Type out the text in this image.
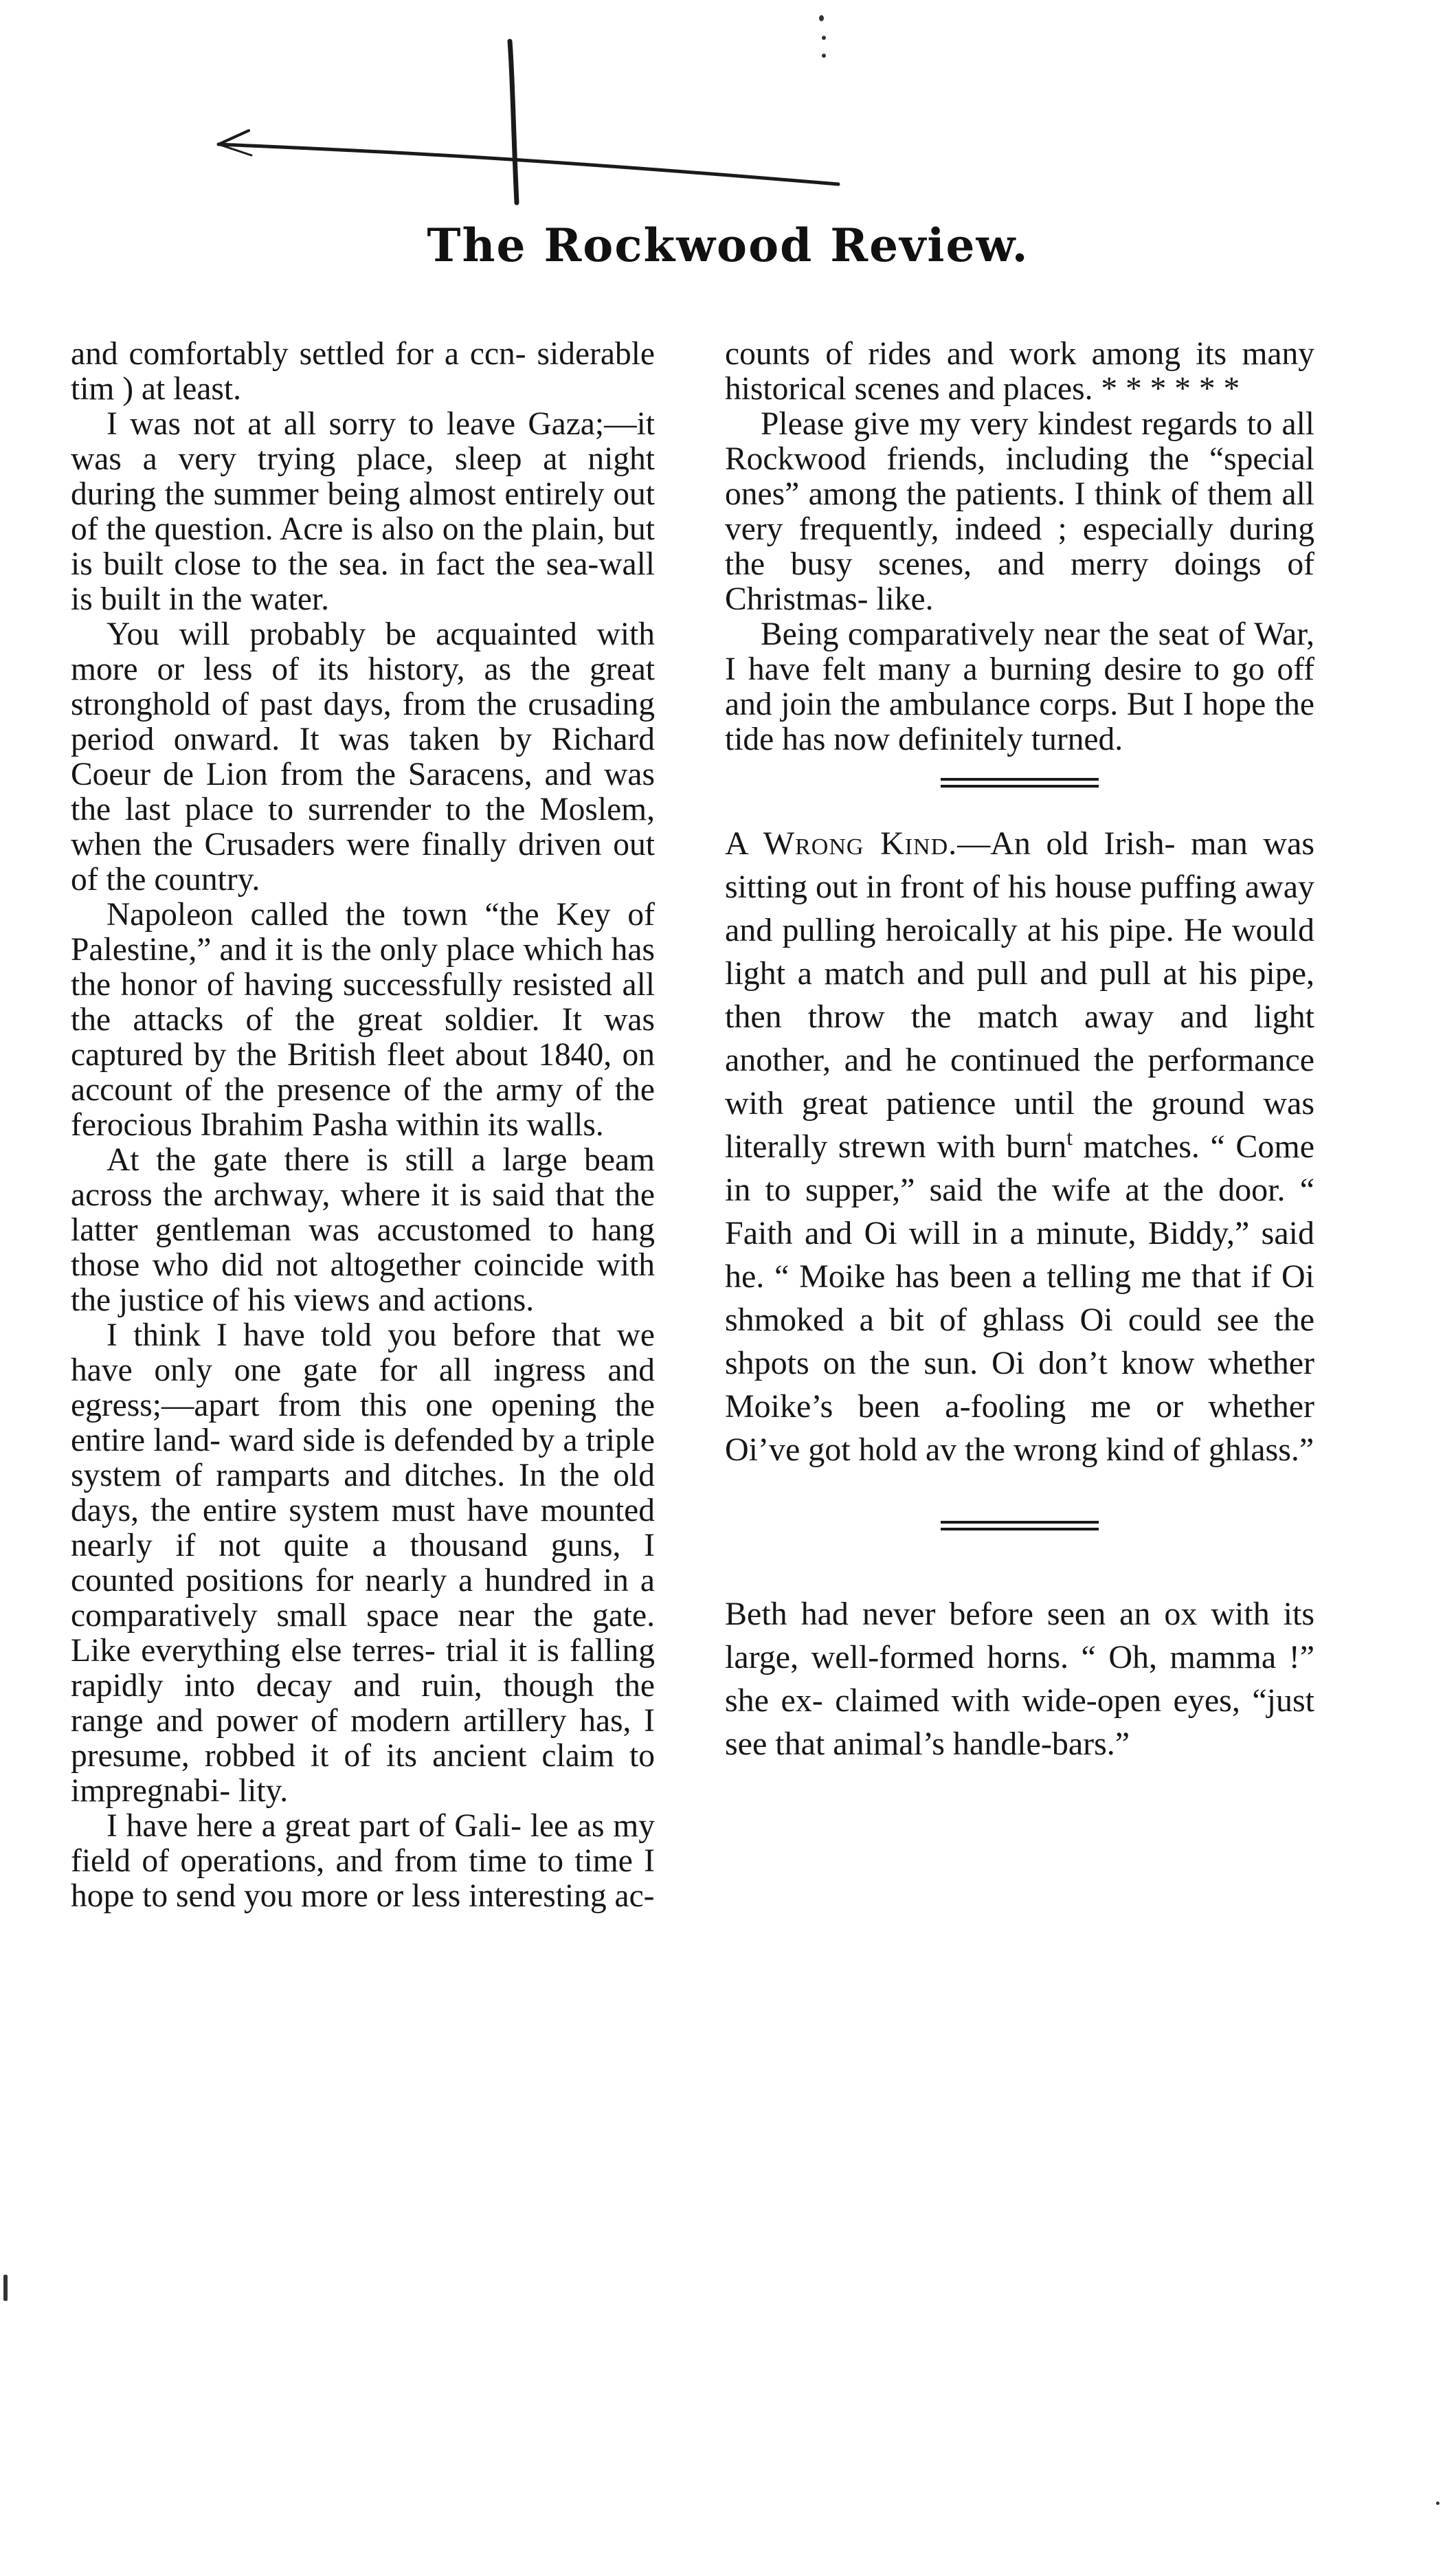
The Rockwood Review.

and comfortably settled for a ccn- siderable tim ) at least.

I was not at all sorry to leave Gaza;—it was a very trying place, sleep at night during the summer being almost entirely out of the question. Acre is also on the plain, but is built close to the sea. in fact the sea-wall is built in the water.

You will probably be acquainted with more or less of its history, as the great stronghold of past days, from the crusading period onward. It was taken by Richard Coeur de Lion from the Saracens, and was the last place to surrender to the Moslem, when the Crusaders were finally driven out of the country.

Napoleon called the town “the Key of Palestine,” and it is the only place which has the honor of having successfully resisted all the attacks of the great soldier. It was captured by the British fleet about 1840, on account of the presence of the army of the ferocious Ibrahim Pasha within its walls.

At the gate there is still a large beam across the archway, where it is said that the latter gentleman was accustomed to hang those who did not altogether coincide with the justice of his views and actions.

I think I have told you before that we have only one gate for all ingress and egress;—apart from this one opening the entire land- ward side is defended by a triple system of ramparts and ditches. In the old days, the entire system must have mounted nearly if not quite a thousand guns, I counted positions for nearly a hundred in a comparatively small space near the gate. Like everything else terres- trial it is falling rapidly into decay and ruin, though the range and power of modern artillery has, I presume, robbed it of its ancient claim to impregnabi- lity.

I have here a great part of Gali- lee as my field of operations, and from time to time I hope to send you more or less interesting ac-

counts of rides and work among its many historical scenes and places. * * * * * *

Please give my very kindest regards to all Rockwood friends, including the “special ones” among the patients. I think of them all very frequently, indeed ; especially during the busy scenes, and merry doings of Christmas- like.

Being comparatively near the seat of War, I have felt many a burning desire to go off and join the ambulance corps. But I hope the tide has now definitely turned.

A Wrong Kind.—An old Irish- man was sitting out in front of his house puffing away and pulling heroically at his pipe. He would light a match and pull and pull at his pipe, then throw the match away and light another, and he continued the performance with great patience until the ground was literally strewn with burn$^t$ matches. “ Come in to supper,” said the wife at the door. “ Faith and Oi will in a minute, Biddy,” said he. “ Moike has been a telling me that if Oi shmoked a bit of ghlass Oi could see the shpots on the sun. Oi don’t know whether Moike’s been a-fooling me or whether Oi’ve got hold av the wrong kind of ghlass.”

Beth had never before seen an ox with its large, well-formed horns. “ Oh, mamma !” she ex- claimed with wide-open eyes, “just see that animal’s handle-bars.”
